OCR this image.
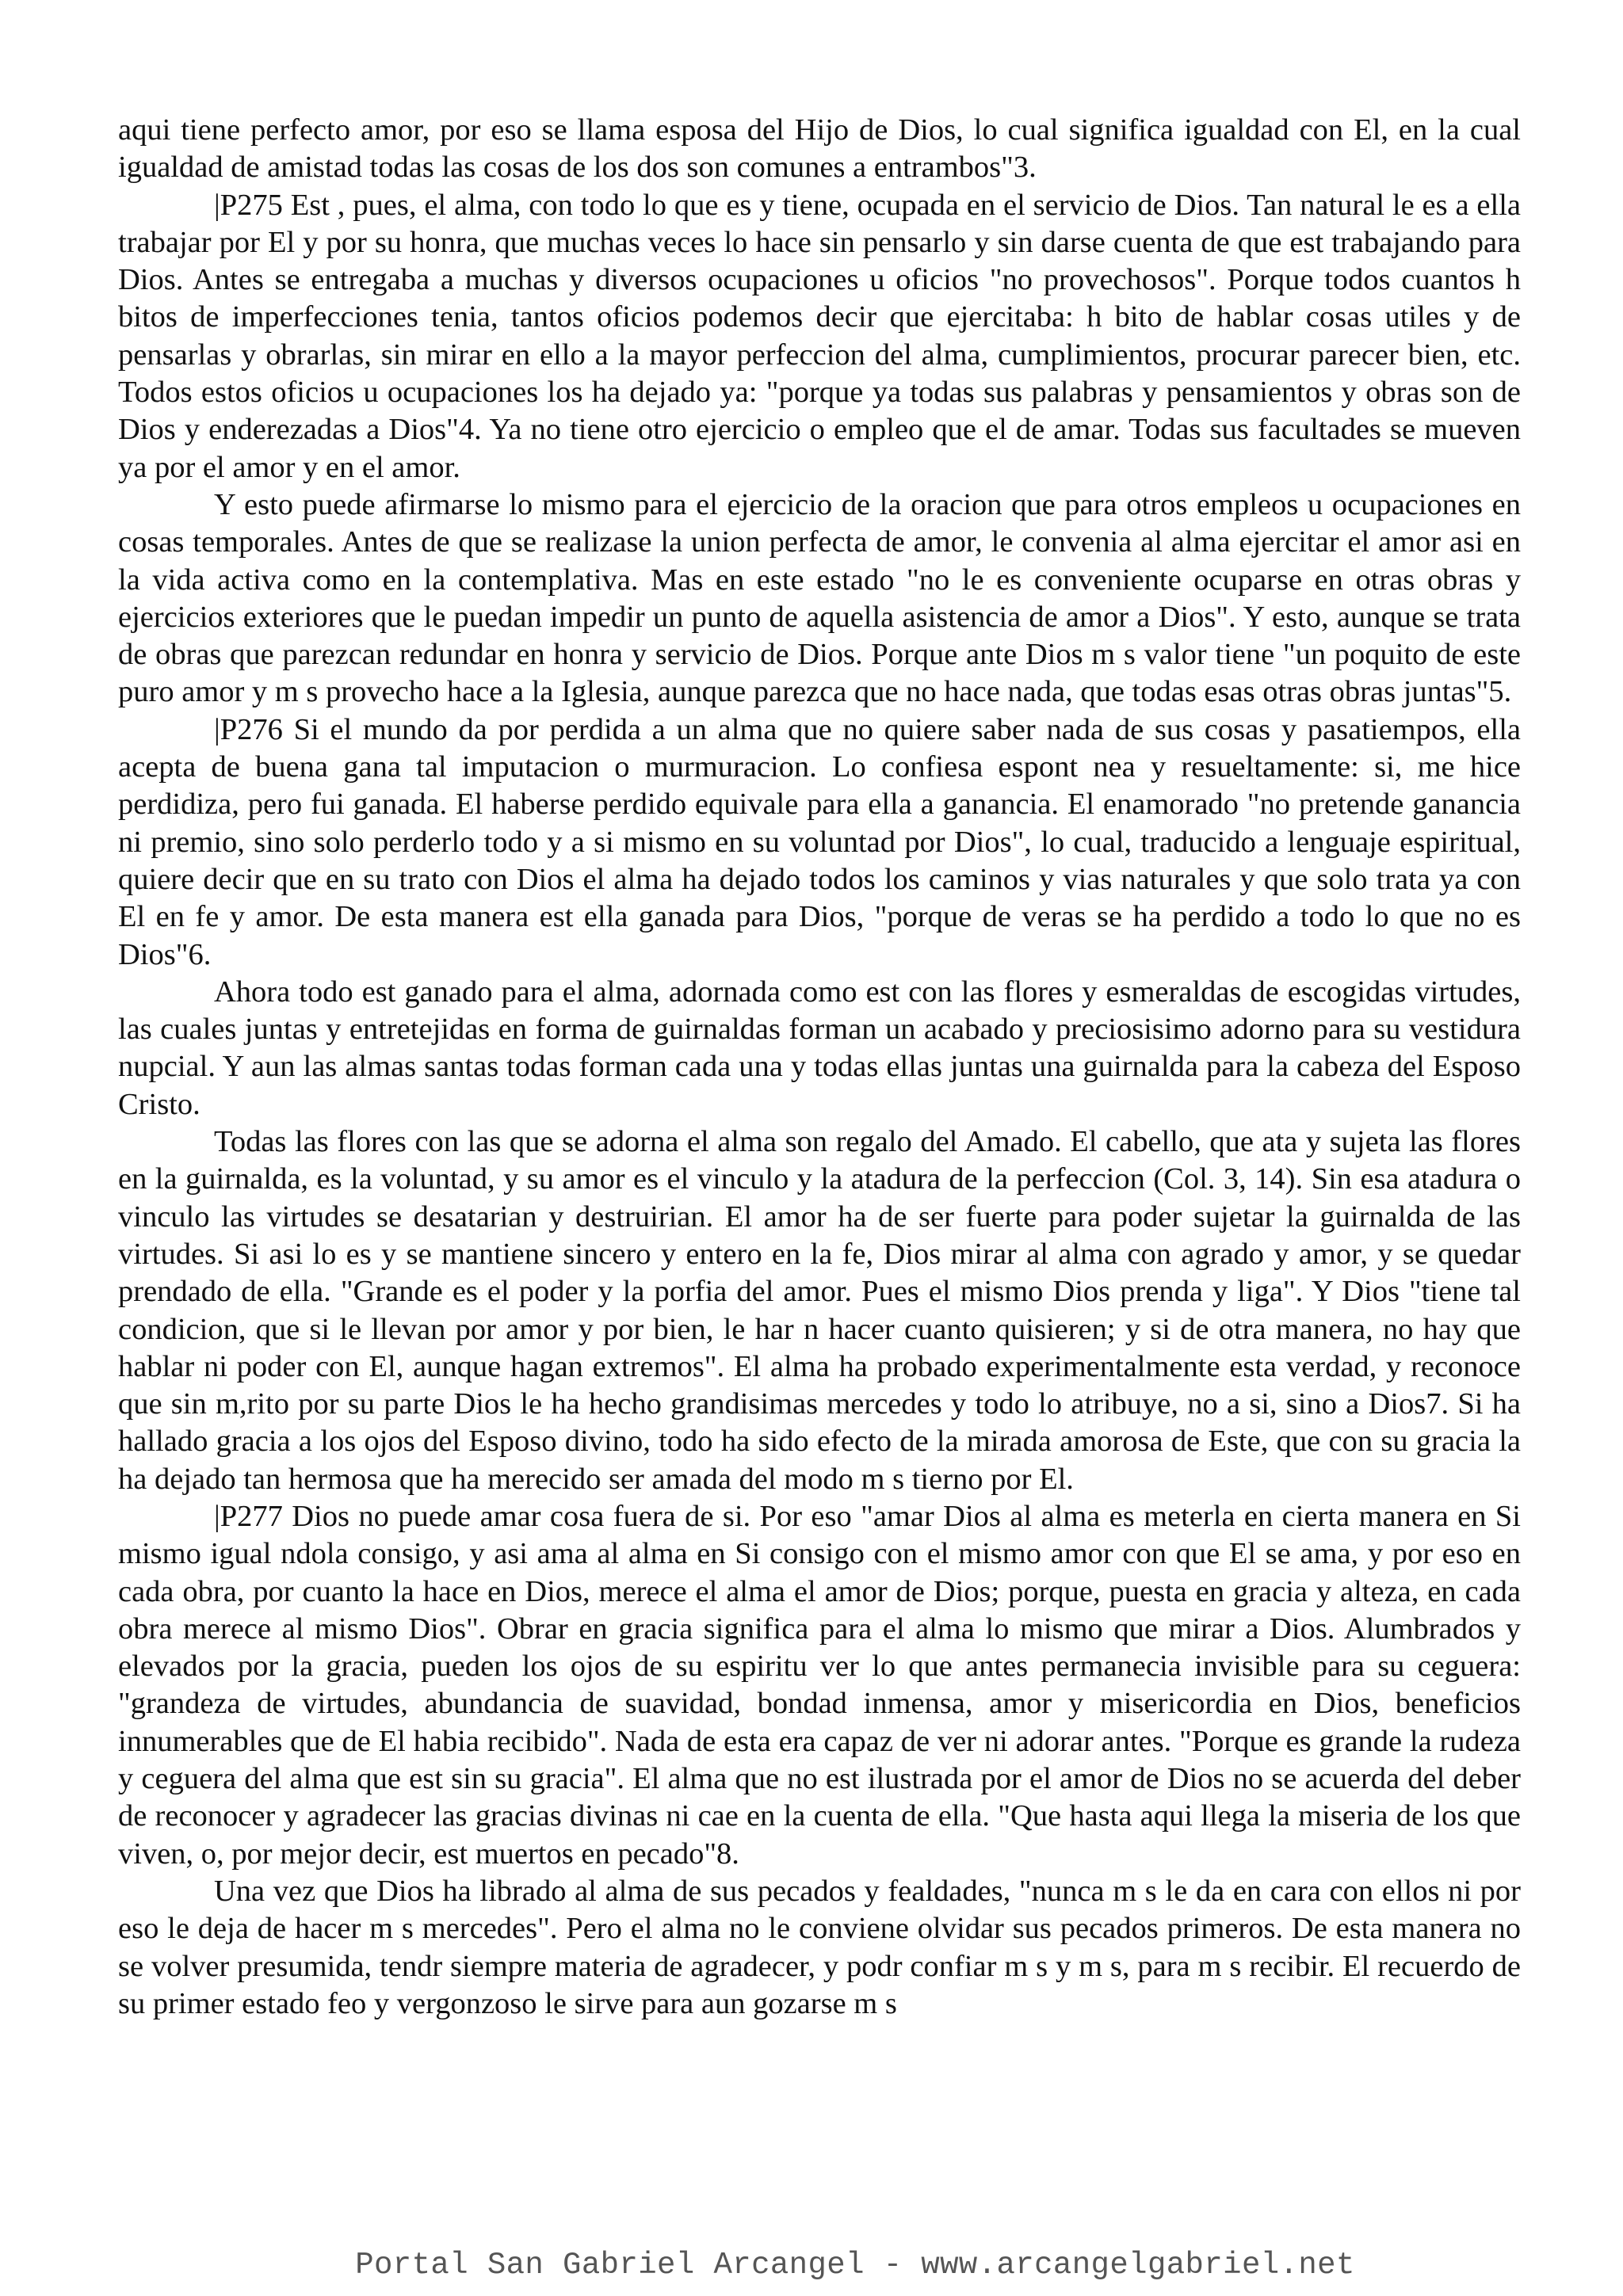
aqui tiene perfecto amor, por eso se llama esposa del Hijo de Dios, lo cual significa igualdad con El, en la cual igualdad de amistad todas las cosas de los dos son comunes a entrambos"3.

|P275 Est , pues, el alma, con todo lo que es y tiene, ocupada en el servicio de Dios. Tan natural le es a ella trabajar por El y por su honra, que muchas veces lo hace sin pensarlo y sin darse cuenta de que est trabajando para Dios. Antes se entregaba a muchas y diversos ocupaciones u oficios "no provechosos". Porque todos cuantos h bitos de imperfecciones tenia, tantos oficios podemos decir que ejercitaba: h bito de hablar cosas utiles y de pensarlas y obrarlas, sin mirar en ello a la mayor perfeccion del alma, cumplimientos, procurar parecer bien, etc. Todos estos oficios u ocupaciones los ha dejado ya: "porque ya todas sus palabras y pensamientos y obras son de Dios y enderezadas a Dios"4. Ya no tiene otro ejercicio o empleo que el de amar. Todas sus facultades se mueven ya por el amor y en el amor.

Y esto puede afirmarse lo mismo para el ejercicio de la oracion que para otros empleos u ocupaciones en cosas temporales. Antes de que se realizase la union perfecta de amor, le convenia al alma ejercitar el amor asi en la vida activa como en la contemplativa. Mas en este estado "no le es conveniente ocuparse en otras obras y ejercicios exteriores que le puedan impedir un punto de aquella asistencia de amor a Dios". Y esto, aunque se trata de obras que parezcan redundar en honra y servicio de Dios. Porque ante Dios m s valor tiene "un poquito de este puro amor y m s provecho hace a la Iglesia, aunque parezca que no hace nada, que todas esas otras obras juntas"5.

|P276 Si el mundo da por perdida a un alma que no quiere saber nada de sus cosas y pasatiempos, ella acepta de buena gana tal imputacion o murmuracion. Lo confiesa espont nea y resueltamente: si, me hice perdidiza, pero fui ganada. El haberse perdido equivale para ella a ganancia. El enamorado "no pretende ganancia ni premio, sino solo perderlo todo y a si mismo en su voluntad por Dios", lo cual, traducido a lenguaje espiritual, quiere decir que en su trato con Dios el alma ha dejado todos los caminos y vias naturales y que solo trata ya con El en fe y amor. De esta manera est ella ganada para Dios, "porque de veras se ha perdido a todo lo que no es Dios"6.

Ahora todo est ganado para el alma, adornada como est con las flores y esmeraldas de escogidas virtudes, las cuales juntas y entretejidas en forma de guirnaldas forman un acabado y preciosisimo adorno para su vestidura nupcial. Y aun las almas santas todas forman cada una y todas ellas juntas una guirnalda para la cabeza del Esposo Cristo.

Todas las flores con las que se adorna el alma son regalo del Amado. El cabello, que ata y sujeta las flores en la guirnalda, es la voluntad, y su amor es el vinculo y la atadura de la perfeccion (Col. 3, 14). Sin esa atadura o vinculo las virtudes se desatarian y destruirian. El amor ha de ser fuerte para poder sujetar la guirnalda de las virtudes. Si asi lo es y se mantiene sincero y entero en la fe, Dios mirar al alma con agrado y amor, y se quedar prendado de ella. "Grande es el poder y la porfia del amor. Pues el mismo Dios prenda y liga". Y Dios "tiene tal condicion, que si le llevan por amor y por bien, le har n hacer cuanto quisieren; y si de otra manera, no hay que hablar ni poder con El, aunque hagan extremos". El alma ha probado experimentalmente esta verdad, y reconoce que sin m,rito por su parte Dios le ha hecho grandisimas mercedes y todo lo atribuye, no a si, sino a Dios7. Si ha hallado gracia a los ojos del Esposo divino, todo ha sido efecto de la mirada amorosa de Este, que con su gracia la ha dejado tan hermosa que ha merecido ser amada del modo m s tierno por El.

|P277 Dios no puede amar cosa fuera de si. Por eso "amar Dios al alma es meterla en cierta manera en Si mismo igual ndola consigo, y asi ama al alma en Si consigo con el mismo amor con que El se ama, y por eso en cada obra, por cuanto la hace en Dios, merece el alma el amor de Dios; porque, puesta en gracia y alteza, en cada obra merece al mismo Dios". Obrar en gracia significa para el alma lo mismo que mirar a Dios. Alumbrados y elevados por la gracia, pueden los ojos de su espiritu ver lo que antes permanecia invisible para su ceguera: "grandeza de virtudes, abundancia de suavidad, bondad inmensa, amor y misericordia en Dios, beneficios innumerables que de El habia recibido". Nada de esta era capaz de ver ni adorar antes. "Porque es grande la rudeza y ceguera del alma que est sin su gracia". El alma que no est ilustrada por el amor de Dios no se acuerda del deber de reconocer y agradecer las gracias divinas ni cae en la cuenta de ella. "Que hasta aqui llega la miseria de los que viven, o, por mejor decir, est muertos en pecado"8.

Una vez que Dios ha librado al alma de sus pecados y fealdades, "nunca m s le da en cara con ellos ni por eso le deja de hacer m s mercedes". Pero el alma no le conviene olvidar sus pecados primeros. De esta manera no se volver presumida, tendr siempre materia de agradecer, y podr confiar m s y m s, para m s recibir. El recuerdo de su primer estado feo y vergonzoso le sirve para aun gozarse m s

Portal San Gabriel Arcangel - www.arcangelgabriel.net
